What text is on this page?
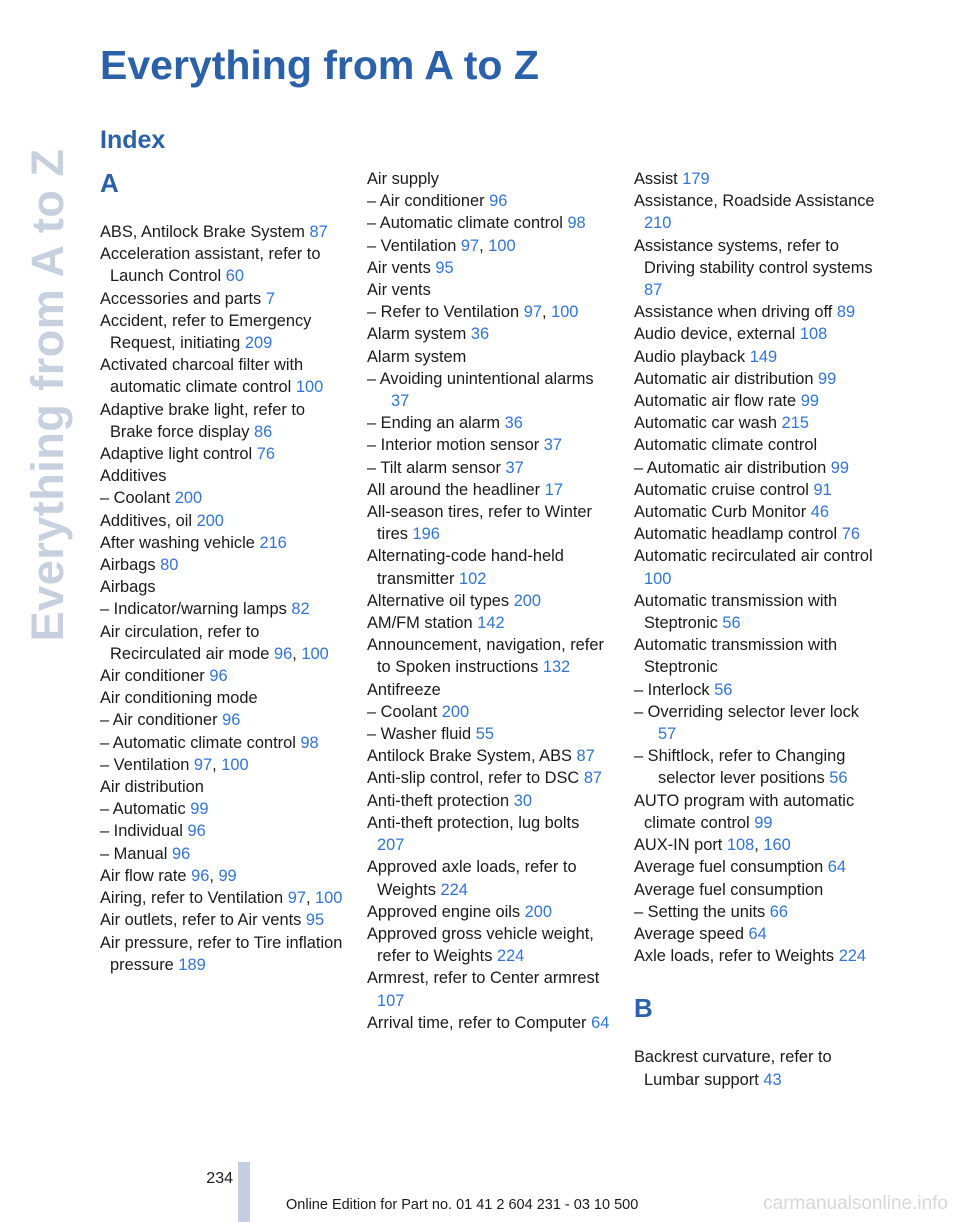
Everything from A to Z
Everything from A to Z
Index
A
ABS, Antilock Brake System 87
Acceleration assistant, refer to Launch Control 60
Accessories and parts 7
Accident, refer to Emergency Request, initiating 209
Activated charcoal filter with automatic climate control 100
Adaptive brake light, refer to Brake force display 86
Adaptive light control 76
Additives
– Coolant 200
Additives, oil 200
After washing vehicle 216
Airbags 80
Airbags
– Indicator/warning lamps 82
Air circulation, refer to Recirculated air mode 96, 100
Air conditioner 96
Air conditioning mode
– Air conditioner 96
– Automatic climate control 98
– Ventilation 97, 100
Air distribution
– Automatic 99
– Individual 96
– Manual 96
Air flow rate 96, 99
Airing, refer to Ventilation 97, 100
Air outlets, refer to Air vents 95
Air pressure, refer to Tire inflation pressure 189
Air supply
– Air conditioner 96
– Automatic climate control 98
– Ventilation 97, 100
Air vents 95
Air vents
– Refer to Ventilation 97, 100
Alarm system 36
Alarm system
– Avoiding unintentional alarms 37
– Ending an alarm 36
– Interior motion sensor 37
– Tilt alarm sensor 37
All around the headliner 17
All-season tires, refer to Winter tires 196
Alternating-code hand-held transmitter 102
Alternative oil types 200
AM/FM station 142
Announcement, navigation, refer to Spoken instructions 132
Antifreeze
– Coolant 200
– Washer fluid 55
Antilock Brake System, ABS 87
Anti-slip control, refer to DSC 87
Anti-theft protection 30
Anti-theft protection, lug bolts 207
Approved axle loads, refer to Weights 224
Approved engine oils 200
Approved gross vehicle weight, refer to Weights 224
Armrest, refer to Center armrest 107
Arrival time, refer to Computer 64
Assist 179
Assistance, Roadside Assistance 210
Assistance systems, refer to Driving stability control systems 87
Assistance when driving off 89
Audio device, external 108
Audio playback 149
Automatic air distribution 99
Automatic air flow rate 99
Automatic car wash 215
Automatic climate control
– Automatic air distribution 99
Automatic cruise control 91
Automatic Curb Monitor 46
Automatic headlamp control 76
Automatic recirculated air control 100
Automatic transmission with Steptronic 56
Automatic transmission with Steptronic
– Interlock 56
– Overriding selector lever lock 57
– Shiftlock, refer to Changing selector lever positions 56
AUTO program with automatic climate control 99
AUX-IN port 108, 160
Average fuel consumption 64
Average fuel consumption
– Setting the units 66
Average speed 64
Axle loads, refer to Weights 224
B
Backrest curvature, refer to Lumbar support 43
234
Online Edition for Part no. 01 41 2 604 231 - 03 10 500	carmanualsonline.info
